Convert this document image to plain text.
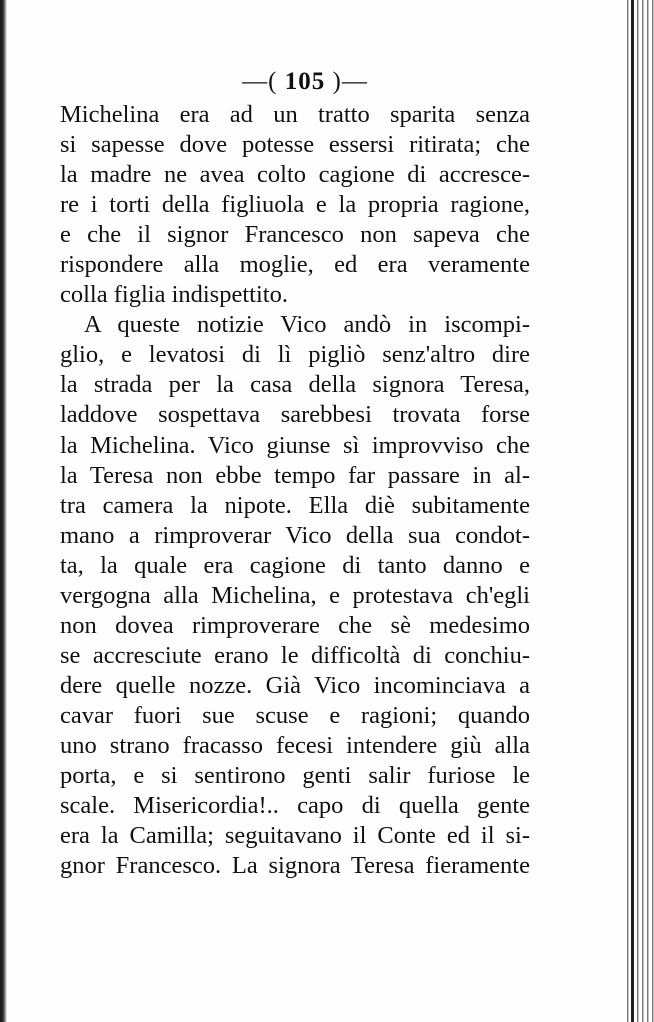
—( 105 )—
Michelina era ad un tratto sparita senza
si sapesse dove potesse essersi ritirata; che
la madre ne avea colto cagione di accresce-
re i torti della figliuola e la propria ragione,
e che il signor Francesco non sapeva che
rispondere alla moglie, ed era veramente
colla figlia indispettito.
A queste notizie Vico andò in iscompi-
glio, e levatosi di lì pigliò senz'altro dire
la strada per la casa della signora Teresa,
laddove sospettava sarebbesi trovata forse
la Michelina. Vico giunse sì improvviso che
la Teresa non ebbe tempo far passare in al-
tra camera la nipote. Ella diè subitamente
mano a rimproverar Vico della sua condot-
ta, la quale era cagione di tanto danno e
vergogna alla Michelina, e protestava ch'egli
non dovea rimproverare che sè medesimo
se accresciute erano le difficoltà di conchiu-
dere quelle nozze. Già Vico incominciava a
cavar fuori sue scuse e ragioni; quando
uno strano fracasso fecesi intendere giù alla
porta, e si sentirono genti salir furiose le
scale. Misericordia!.. capo di quella gente
era la Camilla; seguitavano il Conte ed il si-
gnor Francesco. La signora Teresa fieramente
